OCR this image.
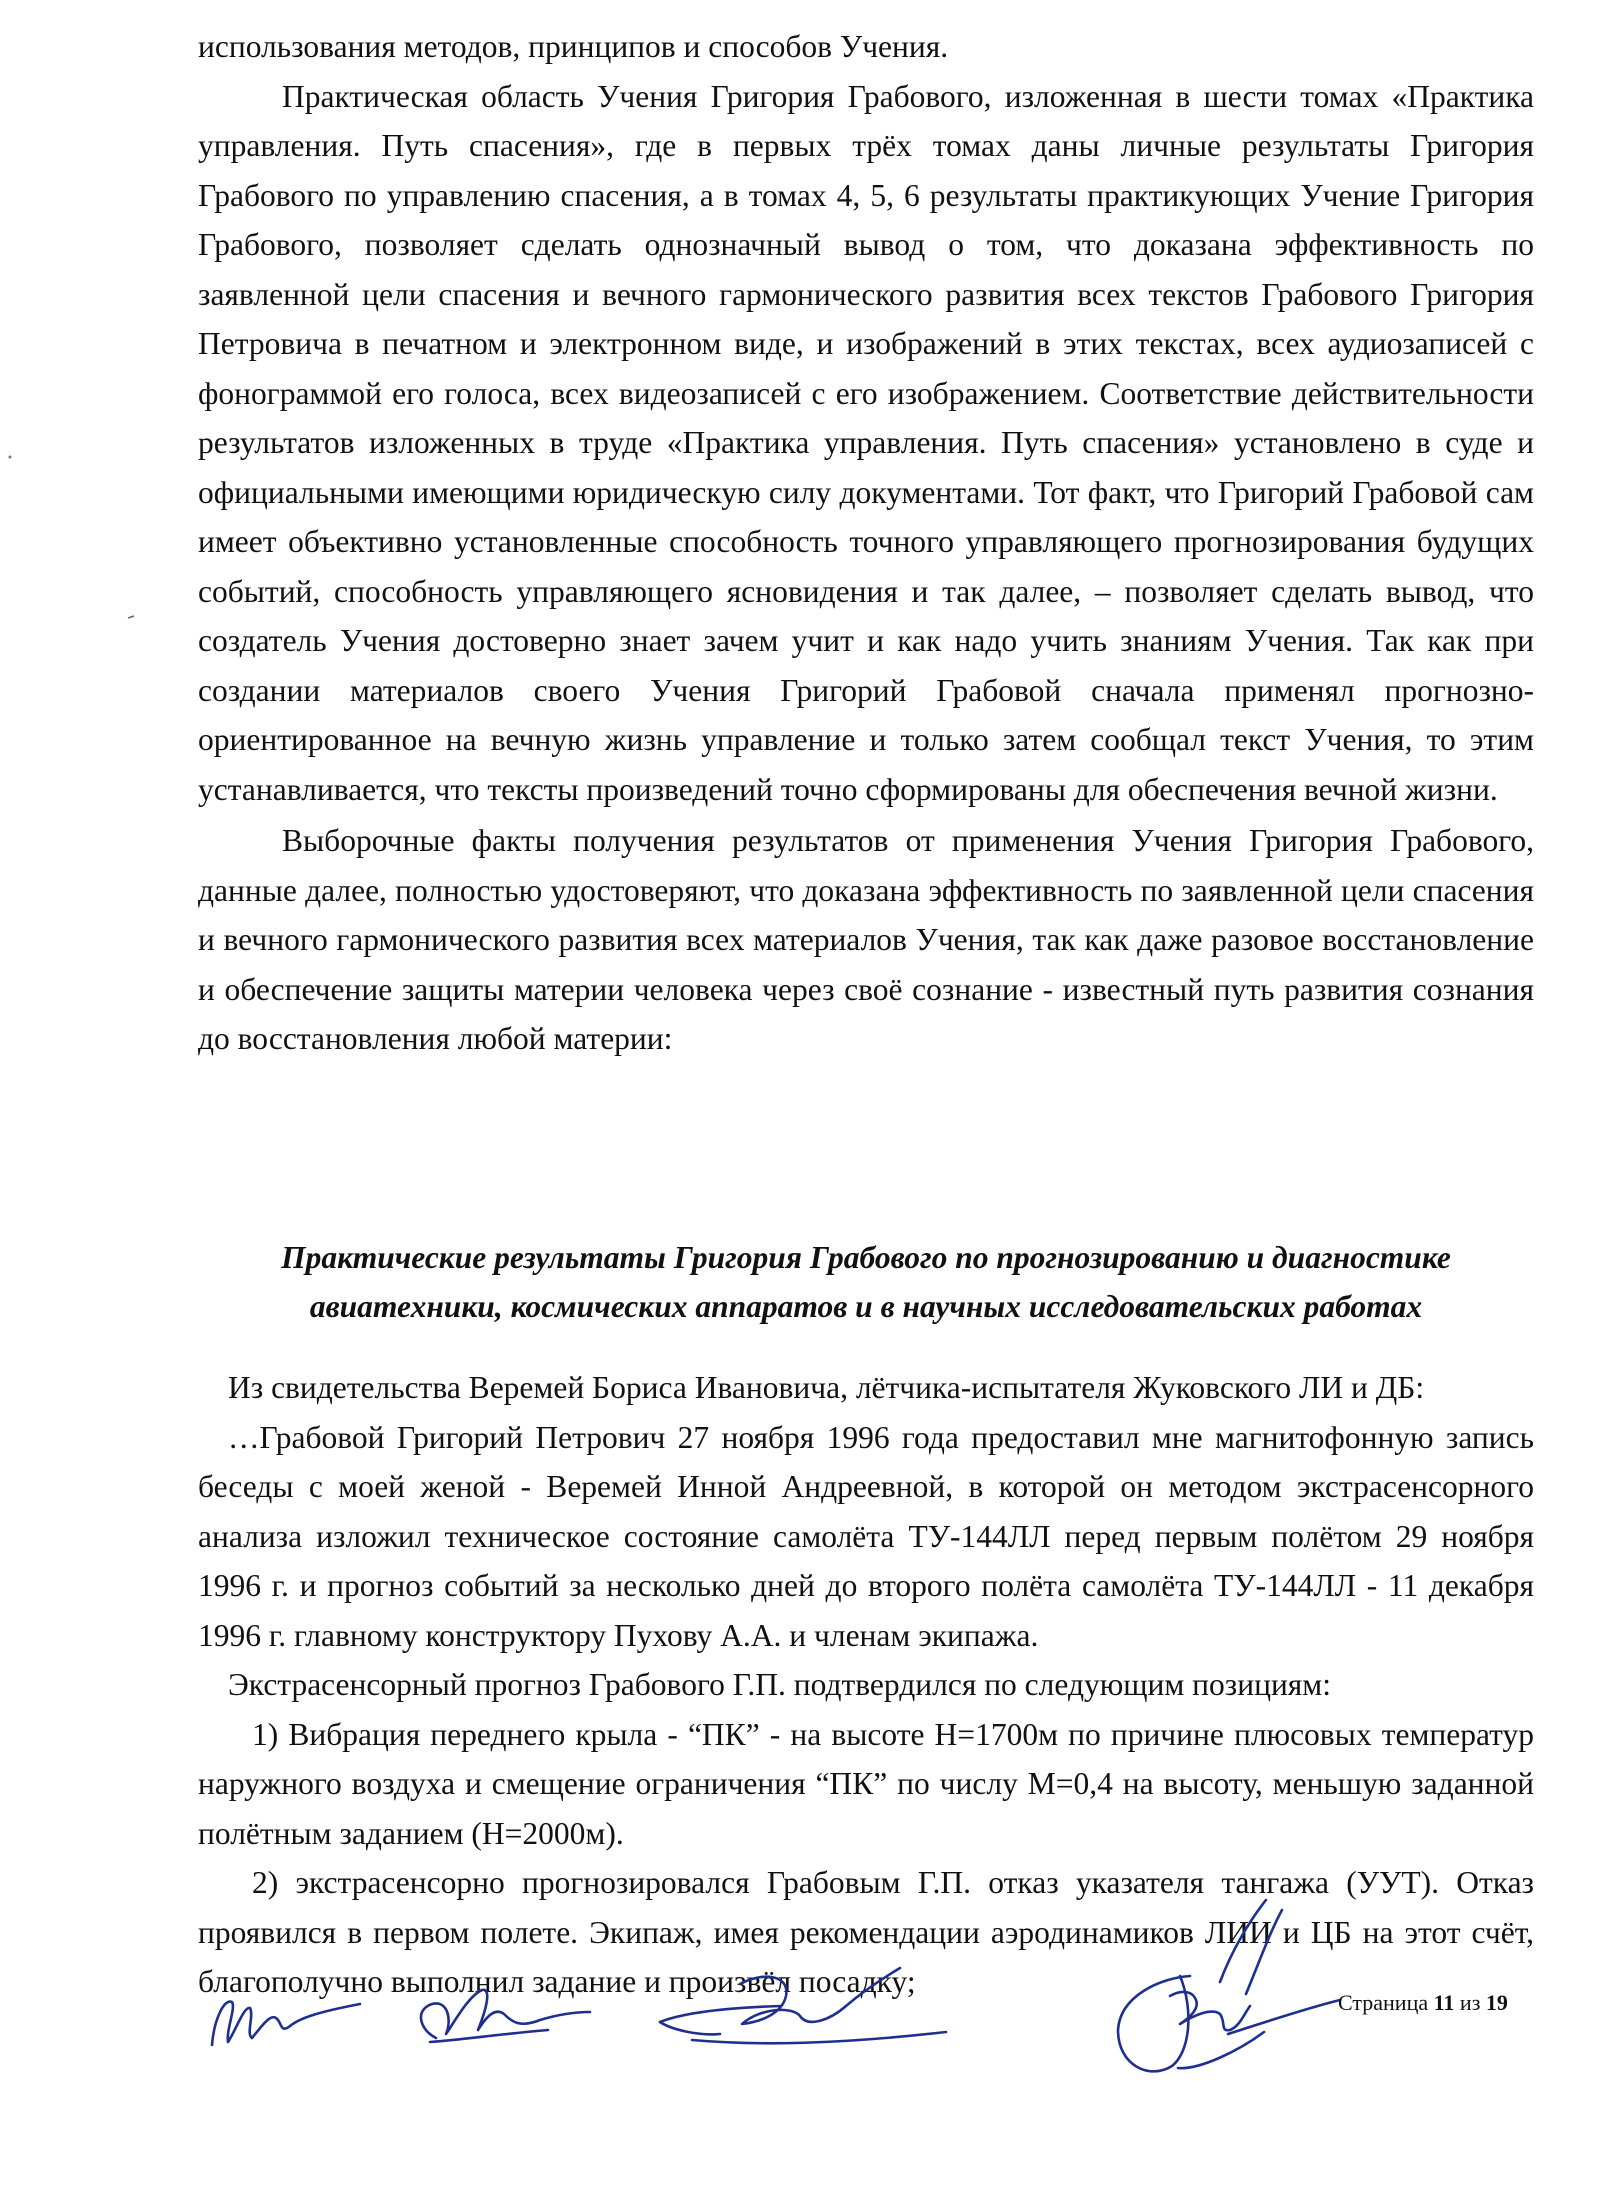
использования методов, принципов и способов Учения.

Практическая область Учения Григория Грабового, изложенная в шести томах «Практика управления. Путь спасения», где в первых трёх томах даны личные результаты Григория Грабового по управлению спасения, а в томах 4, 5, 6 результаты практикующих Учение Григория Грабового, позволяет сделать однозначный вывод о том, что доказана эффективность по заявленной цели спасения и вечного гармонического развития всех текстов Грабового Григория Петровича в печатном и электронном виде, и изображений в этих текстах, всех аудиозаписей с фонограммой его голоса, всех видеозаписей с его изображением. Соответствие действительности результатов изложенных в труде «Практика управления. Путь спасения» установлено в суде и официальными имеющими юридическую силу документами. Тот факт, что Григорий Грабовой сам имеет объективно установленные способность точного управляющего прогнозирования будущих событий, способность управляющего ясновидения и так далее, – позволяет сделать вывод, что создатель Учения достоверно знает зачем учит и как надо учить знаниям Учения. Так как при создании материалов своего Учения Григорий Грабовой сначала применял прогнозно-ориентированное на вечную жизнь управление и только затем сообщал текст Учения, то этим устанавливается, что тексты произведений точно сформированы для обеспечения вечной жизни.

Выборочные факты получения результатов от применения Учения Григория Грабового, данные далее, полностью удостоверяют, что доказана эффективность по заявленной цели спасения и вечного гармонического развития всех материалов Учения, так как даже разовое восстановление и обеспечение защиты материи человека через своё сознание - известный путь развития сознания до восстановления любой материи:

Практические результаты Григория Грабового по прогнозированию и диагностике
авиатехники, космических аппаратов и в научных исследовательских работах

Из свидетельства Веремей Бориса Ивановича, лётчика-испытателя Жуковского ЛИ и ДБ:

…Грабовой Григорий Петрович 27 ноября 1996 года предоставил мне магнитофонную запись беседы с моей женой - Веремей Инной Андреевной, в которой он методом экстрасенсорного анализа изложил техническое состояние самолёта ТУ-144ЛЛ перед первым полётом 29 ноября 1996 г. и прогноз событий за несколько дней до второго полёта самолёта ТУ-144ЛЛ - 11 декабря 1996 г. главному конструктору Пухову А.А. и членам экипажа.

Экстрасенсорный прогноз Грабового Г.П. подтвердился по следующим позициям:

1) Вибрация переднего крыла - “ПК” - на высоте Н=1700м по причине плюсовых температур наружного воздуха и смещение ограничения “ПК” по числу М=0,4 на высоту, меньшую заданной полётным заданием (Н=2000м).

2) экстрасенсорно прогнозировался Грабовым Г.П. отказ указателя тангажа (УУТ). Отказ проявился в первом полете. Экипаж, имея рекомендации аэродинамиков ЛИИ и ЦБ на этот счёт, благополучно выполнил задание и произвёл посадку;

Страница 11 из 19
